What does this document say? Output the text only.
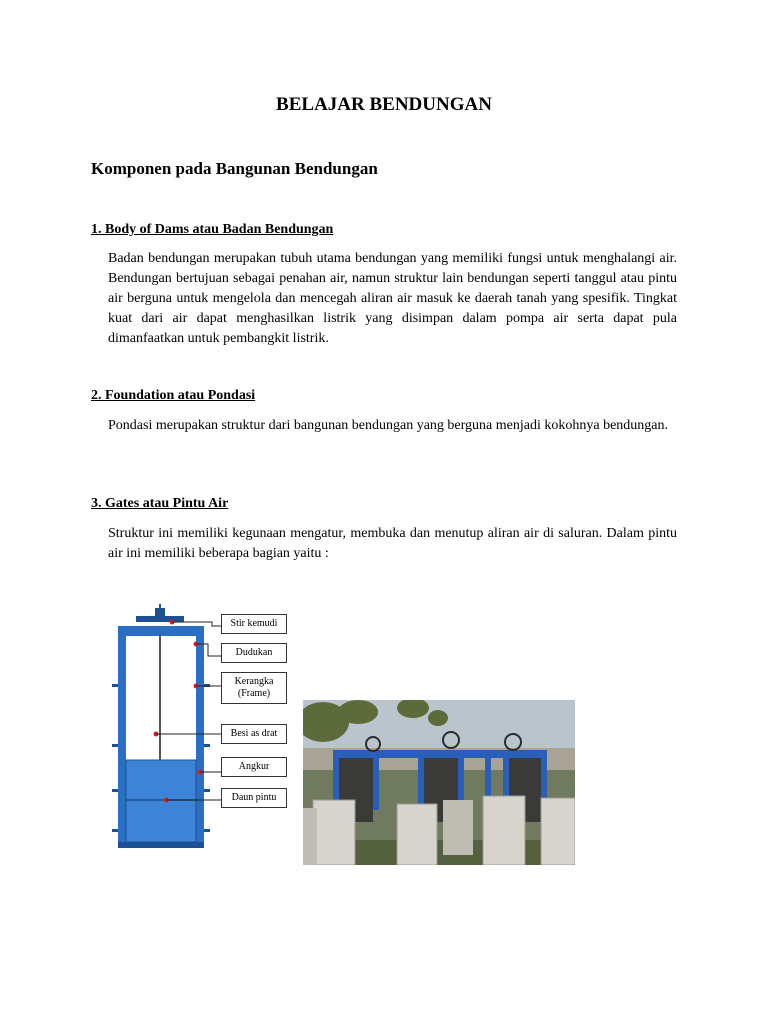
BELAJAR BENDUNGAN
Komponen pada Bangunan Bendungan
1. Body of Dams atau Badan Bendungan

Badan bendungan merupakan tubuh utama bendungan yang memiliki fungsi untuk menghalangi air. Bendungan bertujuan sebagai penahan air, namun struktur lain bendungan seperti tanggul atau pintu air berguna untuk mengelola dan mencegah aliran air masuk ke daerah tanah yang spesifik. Tingkat kuat dari air dapat menghasilkan listrik yang disimpan dalam pompa air serta dapat pula dimanfaatkan untuk pembangkit listrik.

2. Foundation atau Pondasi

Pondasi merupakan struktur dari bangunan bendungan yang berguna menjadi kokohnya bendungan.

3. Gates atau Pintu Air

Struktur ini memiliki kegunaan mengatur, membuka dan menutup aliran air di saluran. Dalam pintu air ini memiliki beberapa bagian yaitu :

Stir kemudi
Dudukan
Kerangka
(Frame)
Besi as drat
Angkur
Daun pintu
